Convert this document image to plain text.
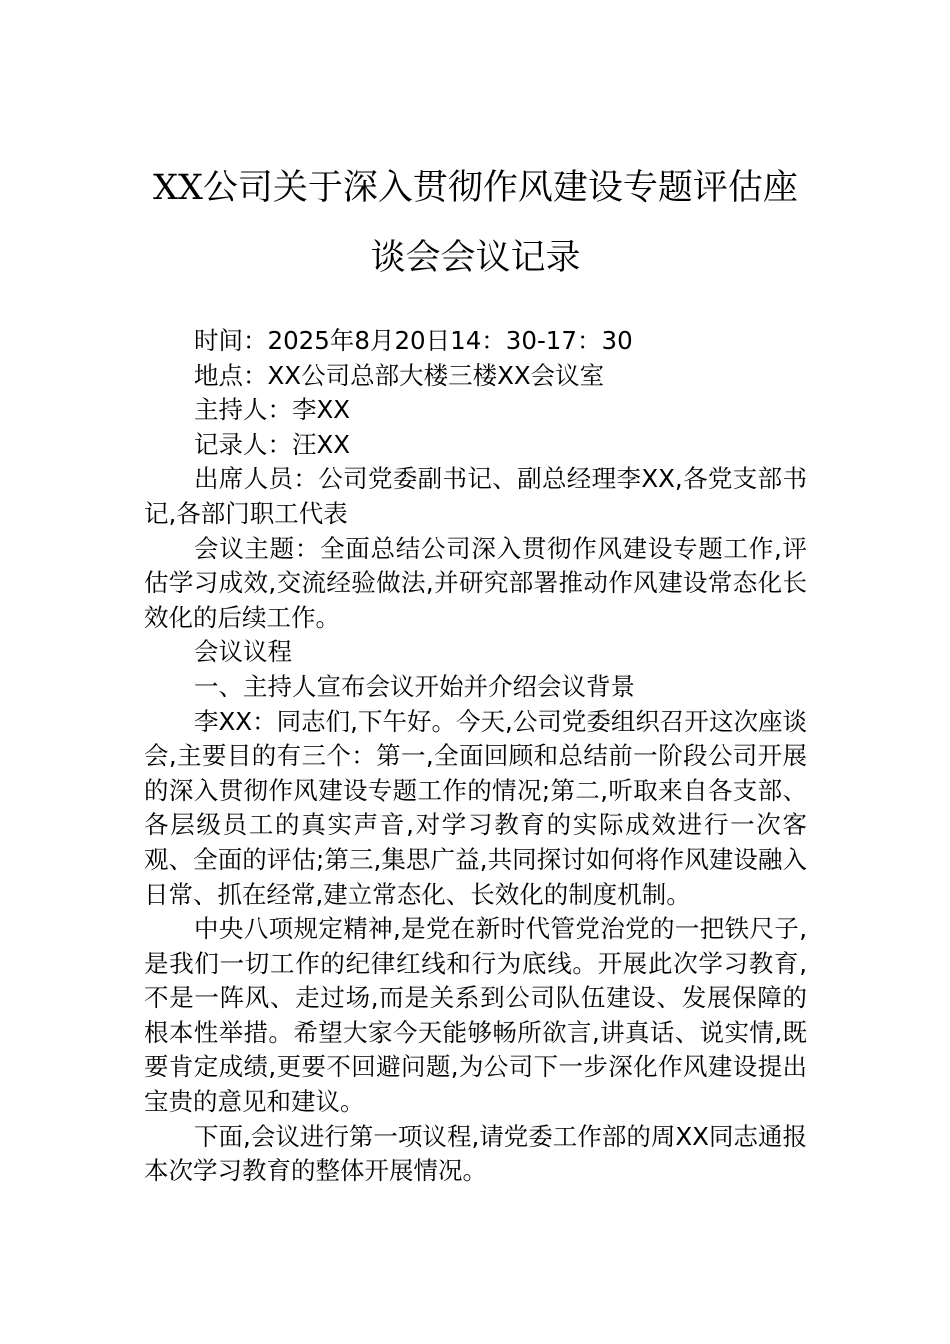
XX公司关于深入贯彻作风建设专题评估座
谈会会议记录

时间：2025年8月20日14：30-17：30

地点：XX公司总部大楼三楼XX会议室

主持人：李XX

记录人：汪XX

出席人员：公司党委副书记、副总经理李XX,各党支部书记,各部门职工代表

会议主题：全面总结公司深入贯彻作风建设专题工作,评估学习成效,交流经验做法,并研究部署推动作风建设常态化长效化的后续工作。

会议议程

一、主持人宣布会议开始并介绍会议背景

李XX：同志们,下午好。今天,公司党委组织召开这次座谈会,主要目的有三个：第一,全面回顾和总结前一阶段公司开展的深入贯彻作风建设专题工作的情况;第二,听取来自各支部、各层级员工的真实声音,对学习教育的实际成效进行一次客观、全面的评估;第三,集思广益,共同探讨如何将作风建设融入日常、抓在经常,建立常态化、长效化的制度机制。

中央八项规定精神,是党在新时代管党治党的一把铁尺子,是我们一切工作的纪律红线和行为底线。开展此次学习教育,不是一阵风、走过场,而是关系到公司队伍建设、发展保障的根本性举措。希望大家今天能够畅所欲言,讲真话、说实情,既要肯定成绩,更要不回避问题,为公司下一步深化作风建设提出宝贵的意见和建议。

下面,会议进行第一项议程,请党委工作部的周XX同志通报本次学习教育的整体开展情况。
